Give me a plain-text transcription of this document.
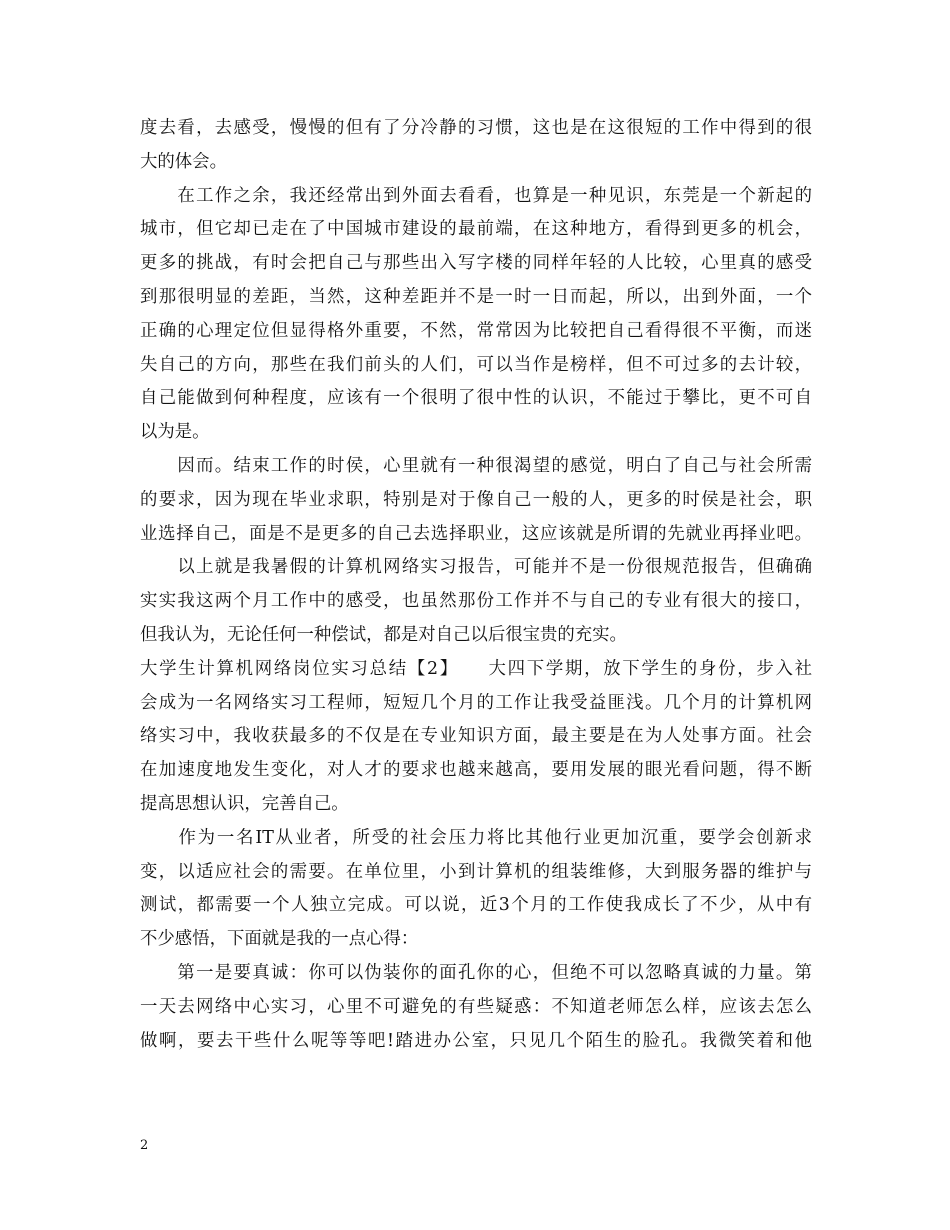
度去看，去感受，慢慢的但有了分冷静的习惯，这也是在这很短的工作中得到的很
大的体会。
　　在工作之余，我还经常出到外面去看看，也算是一种见识，东莞是一个新起的
城市，但它却已走在了中国城市建设的最前端，在这种地方，看得到更多的机会，
更多的挑战，有时会把自己与那些出入写字楼的同样年轻的人比较，心里真的感受
到那很明显的差距，当然，这种差距并不是一时一日而起，所以，出到外面，一个
正确的心理定位但显得格外重要，不然，常常因为比较把自己看得很不平衡，而迷
失自己的方向，那些在我们前头的人们，可以当作是榜样，但不可过多的去计较，
自己能做到何种程度，应该有一个很明了很中性的认识，不能过于攀比，更不可自
以为是。
　　因而。结束工作的时侯，心里就有一种很渴望的感觉，明白了自己与社会所需
的要求，因为现在毕业求职，特别是对于像自己一般的人，更多的时侯是社会，职
业选择自己，面是不是更多的自己去选择职业，这应该就是所谓的先就业再择业吧。
　　以上就是我暑假的计算机网络实习报告，可能并不是一份很规范报告，但确确
实实我这两个月工作中的感受，也虽然那份工作并不与自己的专业有很大的接口，
但我认为，无论任何一种偿试，都是对自己以后很宝贵的充实。
大学生计算机网络岗位实习总结【2】　　大四下学期，放下学生的身份，步入社
会成为一名网络实习工程师，短短几个月的工作让我受益匪浅。几个月的计算机网
络实习中，我收获最多的不仅是在专业知识方面，最主要是在为人处事方面。社会
在加速度地发生变化，对人才的要求也越来越高，要用发展的眼光看问题，得不断
提高思想认识，完善自己。
　　作为一名IT从业者，所受的社会压力将比其他行业更加沉重，要学会创新求
变，以适应社会的需要。在单位里，小到计算机的组装维修，大到服务器的维护与
测试，都需要一个人独立完成。可以说，近3个月的工作使我成长了不少，从中有
不少感悟，下面就是我的一点心得：
　　第一是要真诚：你可以伪装你的面孔你的心，但绝不可以忽略真诚的力量。第
一天去网络中心实习，心里不可避免的有些疑惑：不知道老师怎么样，应该去怎么
做啊，要去干些什么呢等等吧!踏进办公室，只见几个陌生的脸孔。我微笑着和他
2
